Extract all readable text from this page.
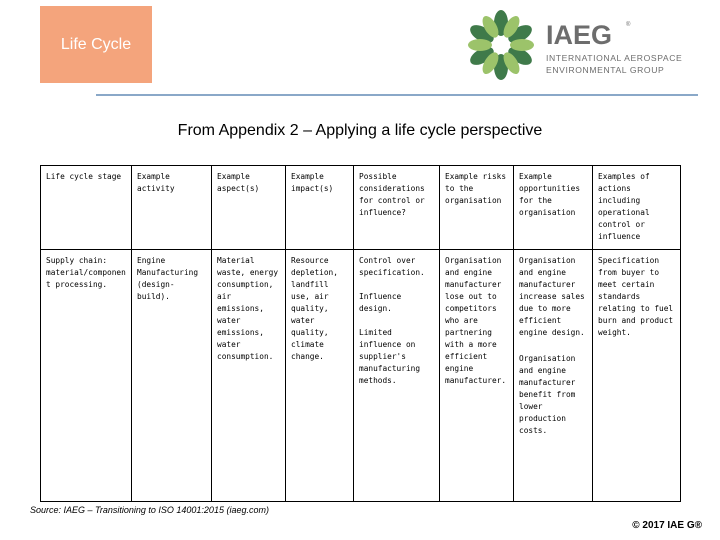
Life Cycle	IAEG ®
INTERNATIONAL AEROSPACE
ENVIRONMENTAL GROUP
From Appendix 2 – Applying a life cycle perspective
Life cycle stage	Example activity	Example aspect(s)	Example impact(s)	Possible considerations for control or influence?	Example risks to the organisation	Example opportunities for the organisation	Examples of actions including operational control or influence
Supply chain: material/component processing.	Engine Manufacturing (design-build).	Material waste, energy consumption, air emissions, water emissions, water consumption.	Resource depletion, landfill use, air quality, water quality, climate change.	Control over specification.
Influence design.
Limited influence on supplier's manufacturing methods.	Organisation and engine manufacturer lose out to competitors who are partnering with a more efficient engine manufacturer.	Organisation and engine manufacturer increase sales due to more efficient engine design.
Organisation and engine manufacturer benefit from lower production costs.	Specification from buyer to meet certain standards relating to fuel burn and product weight.
Source: IAEG – Transitioning to ISO 14001:2015 (iaeg.com)
© 2017 IAE G®
